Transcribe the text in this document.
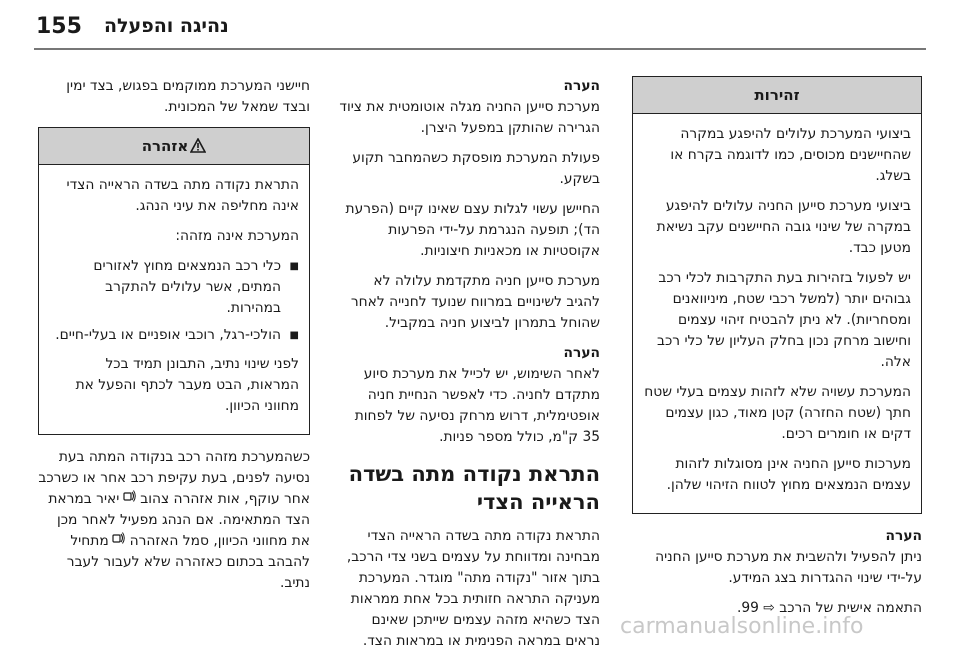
155 נהיגה והפעלה
זהירות

ביצועי המערכת עלולים להיפגע במקרה שהחיישנים מכוסים, כמו לדוגמה בקרח או בשלג.

ביצועי מערכת סייען החניה עלולים להיפגע במקרה של שינוי גובה החיישנים עקב נשיאת מטען כבד.

יש לפעול בזהירות בעת התקרבות לכלי רכב גבוהים יותר (למשל רכבי שטח, מיניוואנים ומסחריות). לא ניתן להבטיח זיהוי עצמים וחישוב מרחק נכון בחלק העליון של כלי רכב אלה.

המערכת עשויה שלא לזהות עצמים בעלי שטח חתך (שטח החזרה) קטן מאוד, כגון עצמים דקים או חומרים רכים.

מערכות סייען החניה אינן מסוגלות לזהות עצמים הנמצאים מחוץ לטווח הזיהוי שלהן.

הערה

ניתן להפעיל ולהשבית את מערכת סייען החניה על-ידי שינוי ההגדרות בצג המידע.

התאמה אישית של הרכב ⇨ 99.

הערה

מערכת סייען החניה מגלה אוטומטית את ציוד הגרירה שהותקן במפעל היצרן.

פעולת המערכת מופסקת כשהמחבר תקוע בשקע.

החיישן עשוי לגלות עצם שאינו קיים (הפרעת הד); תופעה הנגרמת על-ידי הפרעות אקוסטיות או מכאניות חיצוניות.

מערכת סייען חניה מתקדמת עלולה לא להגיב לשינויים במרווח שנועד לחנייה לאחר שהוחל בתמרון לביצוע חניה במקביל.

הערה

לאחר השימוש, יש לכייל את מערכת סיוע מתקדם לחניה. כדי לאפשר הנחיית חניה אופטימלית, דרוש מרחק נסיעה של לפחות 35 ק"מ, כולל מספר פניות.

התראת נקודה מתה בשדה הראייה הצדי

התראת נקודה מתה בשדה הראייה הצדי מבחינה ומדווחת על עצמים בשני צדי הרכב, בתוך אזור "נקודה מתה" מוגדר. המערכת מעניקה התראה חזותית בכל אחת ממראות הצד כשהיא מזהה עצמים שייתכן שאינם נראים במראה הפנימית או במראות הצד.

חיישני המערכת ממוקמים בפגוש, בצד ימין ובצד שמאל של המכונית.

אזהרה

התראת נקודה מתה בשדה הראייה הצדי אינה מחליפה את עיני הנהג.

המערכת אינה מזהה:

■ כלי רכב הנמצאים מחוץ לאזורים המתים, אשר עלולים להתקרב במהירות.
■ הולכי-רגל, רוכבי אופניים או בעלי-חיים.

לפני שינוי נתיב, התבונן תמיד בכל המראות, הבט מעבר לכתף והפעל את מחווני הכיוון.

כשהמערכת מזהה רכב בנקודה המתה בעת נסיעה לפנים, בעת עקיפת רכב אחר או כשרכב אחר עוקף, אות אזהרה צהוב  יאיר במראת הצד המתאימה. אם הנהג מפעיל לאחר מכן את מחווני הכיוון, סמל האזהרה  מתחיל להבהב בכתום כאזהרה שלא לעבור לעבר נתיב.

carmanualsonline.info
